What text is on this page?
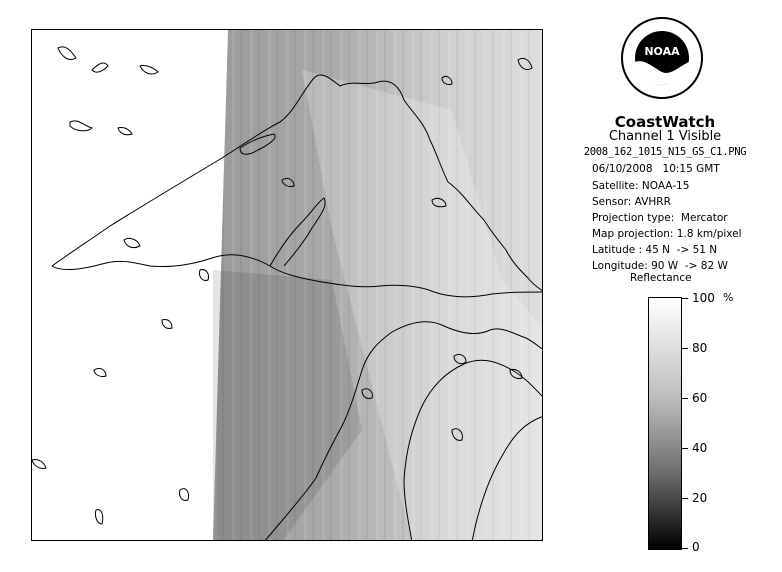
NOAA
CoastWatch
Channel 1 Visible
2008_162_1015_N15_GS_C1.PNG
06/10/2008   10:15 GMT
Satellite: NOAA-15
Sensor: AVHRR
Projection type:  Mercator
Map projection: 1.8 km/pixel
Latitude : 45 N  -> 51 N
Longitude: 90 W  -> 82 W
Reflectance
%
100
80
60
40
20
0
